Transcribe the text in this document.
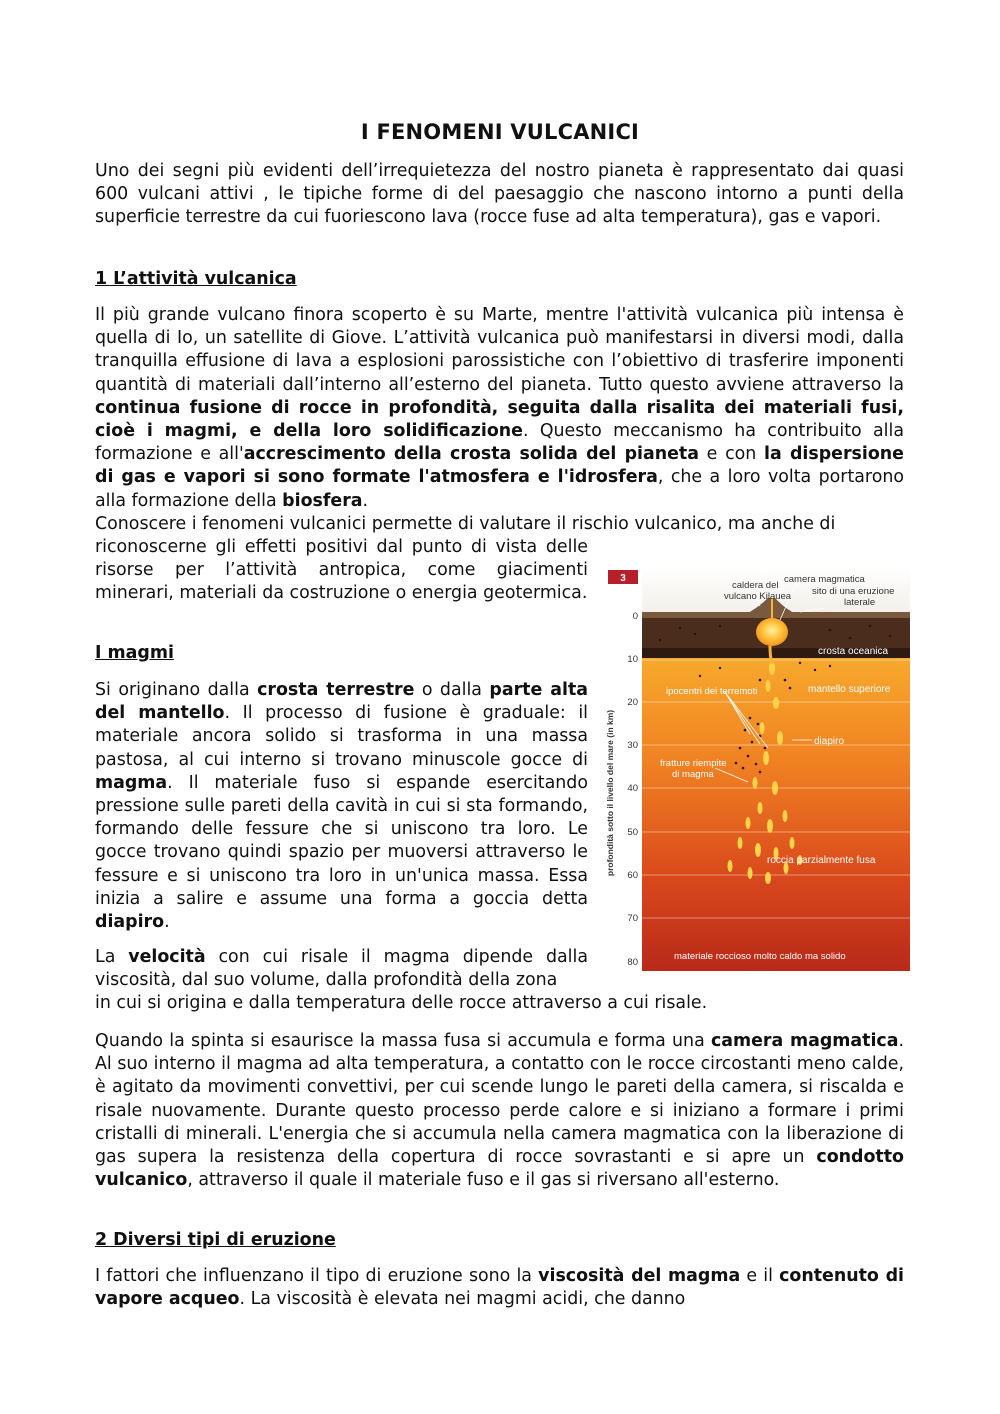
I FENOMENI VULCANICI

Uno dei segni più evidenti dell’irrequietezza del nostro pianeta è rappresentato dai quasi 600 vulcani attivi , le tipiche forme di del paesaggio che nascono intorno a punti della superficie terrestre da cui fuoriescono lava (rocce fuse ad alta temperatura), gas e vapori.

1 L’attività vulcanica

Il più grande vulcano finora scoperto è su Marte, mentre l'attività vulcanica più intensa è quella di Io, un satellite di Giove. L’attività vulcanica può manifestarsi in diversi modi, dalla tranquilla effusione di lava a esplosioni parossistiche con l’obiettivo di trasferire imponenti quantità di materiali dall’interno all’esterno del pianeta. Tutto questo avviene attraverso la continua fusione di rocce in profondità, seguita dalla risalita dei materiali fusi, cioè i magmi, e della loro solidificazione. Questo meccanismo ha contribuito alla formazione e all'accrescimento della crosta solida del pianeta e con la dispersione di gas e vapori si sono formate l'atmosfera e l'idrosfera, che a loro volta portarono alla formazione della biosfera.

Conoscere i fenomeni vulcanici permette di valutare il rischio vulcanico, ma anche di

riconoscerne gli effetti positivi dal punto di vista delle risorse per l’attività antropica, come giacimenti minerari, materiali da costruzione o energia geotermica.

I magmi

Si originano dalla crosta terrestre o dalla parte alta del mantello. Il processo di fusione è graduale: il materiale ancora solido si trasforma in una massa pastosa, al cui interno si trovano minuscole gocce di magma. Il materiale fuso si espande esercitando pressione sulle pareti della cavità in cui si sta formando, formando delle fessure che si uniscono tra loro. Le gocce trovano quindi spazio per muoversi attraverso le fessure e si uniscono tra loro in un'unica massa. Essa inizia a salire e assume una forma a goccia detta diapiro.

La velocità con cui risale il magma dipende dalla viscosità, dal suo volume, dalla profondità della zona

in cui si origina e dalla temperatura delle rocce attraverso a cui risale.

Quando la spinta si esaurisce la massa fusa si accumula e forma una camera magmatica. Al suo interno il magma ad alta temperatura, a contatto con le rocce circostanti meno calde, è agitato da movimenti convettivi, per cui scende lungo le pareti della camera, si riscalda e risale nuovamente. Durante questo processo perde calore e si iniziano a formare i primi cristalli di minerali. L'energia che si accumula nella camera magmatica con la liberazione di gas supera la resistenza della copertura di rocce sovrastanti e si apre un condotto vulcanico, attraverso il quale il materiale fuso e il gas si riversano all'esterno.

2 Diversi tipi di eruzione

I fattori che influenzano il tipo di eruzione sono la viscosità del magma e il contenuto di vapore acqueo. La viscosità è elevata nei magmi acidi, che danno

3
caldera del
vulcano Kilauea
camera magmatica
sito di una eruzione
laterale
crosta oceanica
mantello superiore
ipocentri dei terremoti
diapiro
fratture riempite
di magma
roccia parzialmente fusa
materiale roccioso molto caldo ma solido
0
10
20
30
40
50
60
70
80
profondità sotto il livello del mare (in km)
